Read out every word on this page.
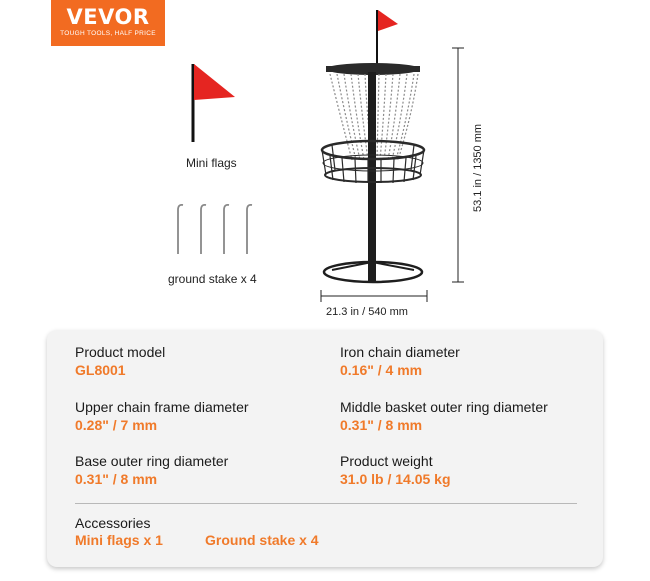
VEVOR
TOUGH TOOLS, HALF PRICE
Mini flags
ground stake x 4
21.3 in / 540 mm
53.1 in / 1350 mm
Product model
GL8001
Iron chain diameter
0.16" / 4 mm
Upper chain frame diameter
0.28" / 7 mm
Middle basket outer ring diameter
0.31" / 8 mm
Base outer ring diameter
0.31" / 8 mm
Product weight
31.0 lb / 14.05 kg
Accessories
Mini flags x 1	Ground stake x 4
